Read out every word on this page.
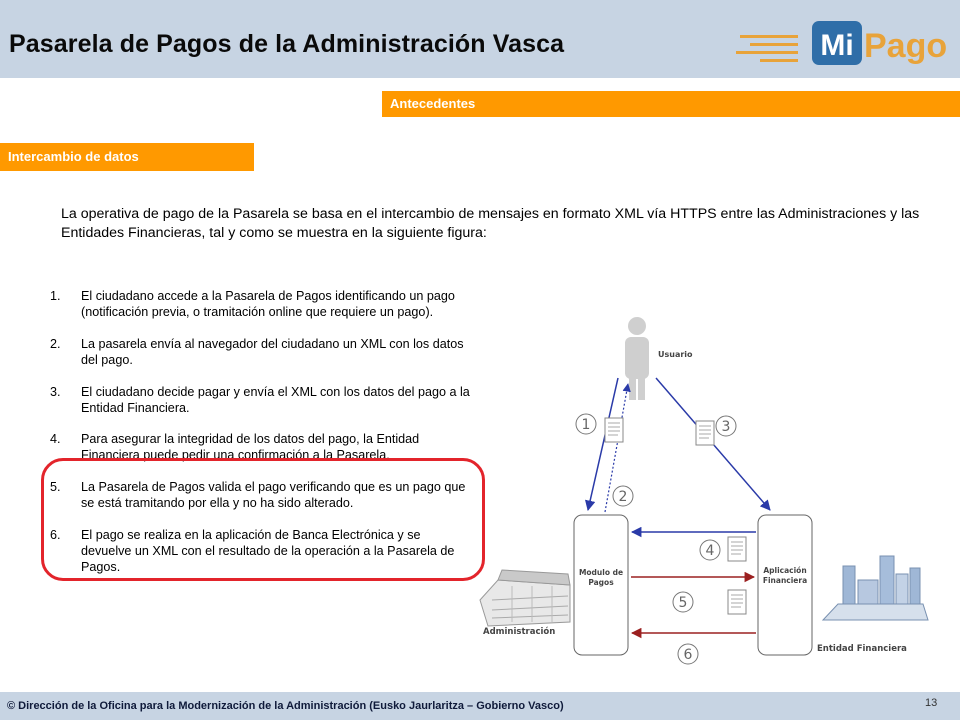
Pasarela de Pagos de la Administración Vasca	Mi Pago
Antecedentes
Intercambio de datos

La operativa de pago de la Pasarela se basa en el intercambio de mensajes en formato XML vía HTTPS entre las Administraciones y las Entidades Financieras, tal y como se muestra en la siguiente figura:

1. El ciudadano accede a la Pasarela de Pagos identificando un pago (notificación previa, o tramitación online que requiere un pago).
2. La pasarela envía al navegador del ciudadano un XML con los datos del pago.
3. El ciudadano decide pagar y envía el XML con los datos del pago a la Entidad Financiera.
4. Para asegurar la integridad de los datos del pago, la Entidad Financiera puede pedir una confirmación a la Pasarela.
5. La Pasarela de Pagos valida el pago verificando que es un pago que se está tramitando por ella y no ha sido alterado.
6. El pago se realiza en la aplicación de Banca Electrónica y se devuelve un XML con el resultado de la operación a la Pasarela de Pagos.
Usuario
Modulo de
Pagos
Aplicación
Financiera
1
2
3
4
5
6
Administración
Entidad Financiera
© Dirección de la Oficina para la Modernización de la Administración (Eusko Jaurlaritza – Gobierno Vasco)	13
